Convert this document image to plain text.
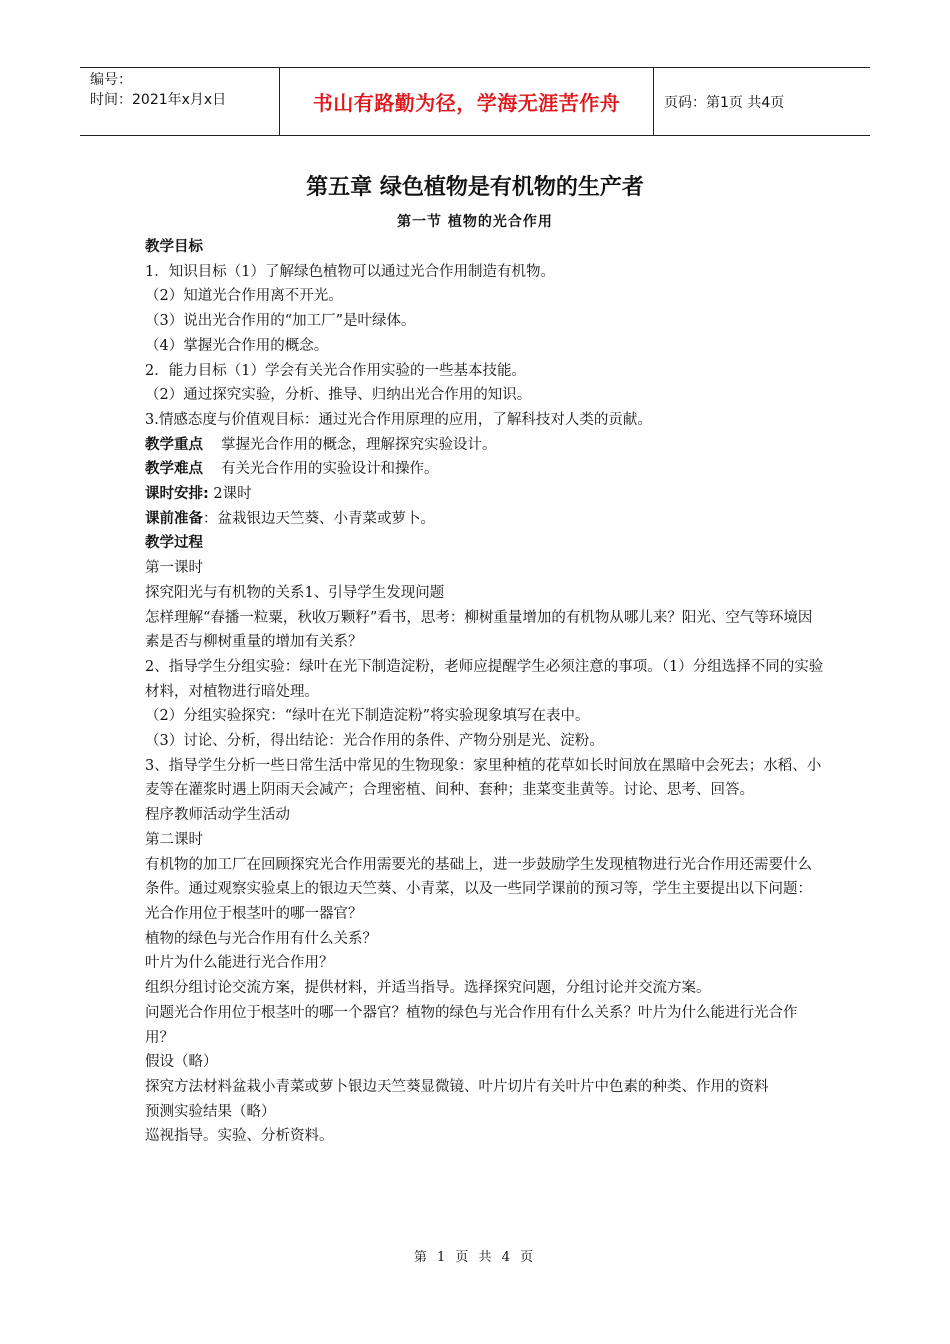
编号：
时间：2021年x月x日	书山有路勤为径，学海无涯苦作舟	页码：第1页 共4页
第五章 绿色植物是有机物的生产者
第一节 植物的光合作用

教学目标

1．知识目标（1）了解绿色植物可以通过光合作用制造有机物。

（2）知道光合作用离不开光。

（3）说出光合作用的“加工厂”是叶绿体。

（4）掌握光合作用的概念。

2．能力目标（1）学会有关光合作用实验的一些基本技能。

（2）通过探究实验，分析、推导、归纳出光合作用的知识。

3.情感态度与价值观目标：通过光合作用原理的应用，了解科技对人类的贡献。

教学重点 掌握光合作用的概念，理解探究实验设计。

教学难点 有关光合作用的实验设计和操作。

课时安排: 2课时

课前准备：盆栽银边天竺葵、小青菜或萝卜。

教学过程

第一课时

探究阳光与有机物的关系1、引导学生发现问题

怎样理解“春播一粒粟，秋收万颗籽”看书，思考：柳树重量增加的有机物从哪儿来？阳光、空气等环境因素是否与柳树重量的增加有关系？

2、指导学生分组实验：绿叶在光下制造淀粉，老师应提醒学生必须注意的事项。（1）分组选择不同的实验材料，对植物进行暗处理。

（2）分组实验探究：“绿叶在光下制造淀粉”将实验现象填写在表中。

（3）讨论、分析，得出结论：光合作用的条件、产物分别是光、淀粉。

3、指导学生分析一些日常生活中常见的生物现象：家里种植的花草如长时间放在黑暗中会死去；水稻、小麦等在灌浆时遇上阴雨天会减产；合理密植、间种、套种；韭菜变韭黄等。讨论、思考、回答。

程序教师活动学生活动

第二课时

有机物的加工厂在回顾探究光合作用需要光的基础上，进一步鼓励学生发现植物进行光合作用还需要什么条件。通过观察实验桌上的银边天竺葵、小青菜，以及一些同学课前的预习等，学生主要提出以下问题：

光合作用位于根茎叶的哪一器官？

植物的绿色与光合作用有什么关系？

叶片为什么能进行光合作用？

组织分组讨论交流方案，提供材料，并适当指导。选择探究问题，分组讨论并交流方案。

问题光合作用位于根茎叶的哪一个器官？植物的绿色与光合作用有什么关系？叶片为什么能进行光合作用？

假设（略）

探究方法材料盆栽小青菜或萝卜银边天竺葵显微镜、叶片切片有关叶片中色素的种类、作用的资料

预测实验结果（略）

巡视指导。实验、分析资料。

第 1 页 共 4 页
